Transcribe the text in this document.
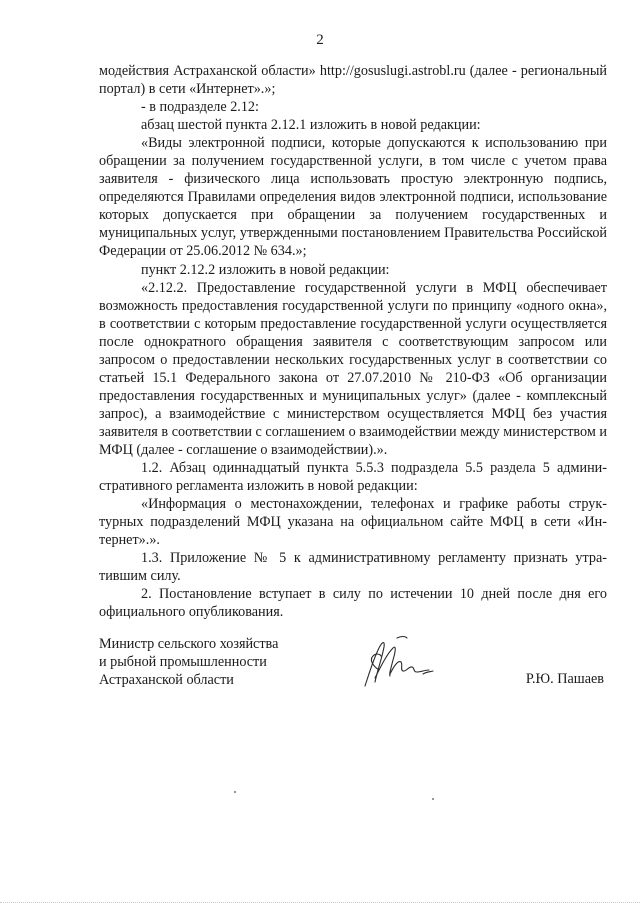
2

модействия Астраханской области» http://gosuslugi.astrobl.ru (далее - региональный портал) в сети «Интернет».»;

- в подразделе 2.12:

абзац шестой пункта 2.12.1 изложить в новой редакции:

«Виды электронной подписи, которые допускаются к использованию при обращении за получением государственной услуги, в том числе с учетом права заявителя - физического лица использовать простую электронную подпись, определяются Правилами определения видов электронной подписи, использование которых допускается при обращении за получением государственных и муниципальных услуг, утвержденными постановлением Правительства Российской Федерации от 25.06.2012 № 634.»;

пункт 2.12.2 изложить в новой редакции:

«2.12.2. Предоставление государственной услуги в МФЦ обеспечивает возможность предоставления государственной услуги по принципу «одного окна», в соответствии с которым предоставление государственной услуги осуществляется после однократного обращения заявителя с соответствующим запросом или запросом о предоставлении нескольких государственных услуг в соответствии со статьей 15.1 Федерального закона от 27.07.2010 № 210-ФЗ «Об организации предоставления государственных и муниципальных услуг» (далее - комплексный запрос), а взаимодействие с министерством осуществляется МФЦ без участия заявителя в соответствии с соглашением о взаимодействии между министерством и МФЦ (далее - соглашение о взаимодействии).».

1.2. Абзац одиннадцатый пункта 5.5.3 подраздела 5.5 раздела 5 административного регламента изложить в новой редакции:

«Информация о местонахождении, телефонах и графике работы структурных подразделений МФЦ указана на официальном сайте МФЦ в сети «Интернет».».

1.3. Приложение № 5 к административному регламенту признать утратившим силу.

2. Постановление вступает в силу по истечении 10 дней после дня его официального опубликования.

Министр сельского хозяйства
и рыбной промышленности
Астраханской области	Р.Ю. Пашаев
